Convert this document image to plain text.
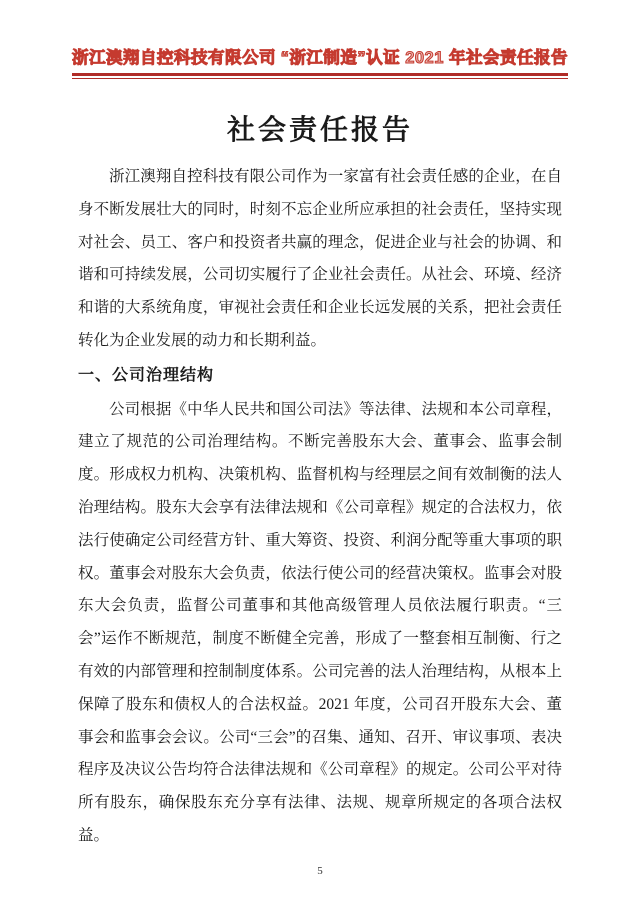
浙江澳翔自控科技有限公司 “浙江制造”认证 2021 年社会责任报告
社会责任报告

浙江澳翔自控科技有限公司作为一家富有社会责任感的企业，在自身不断发展壮大的同时，时刻不忘企业所应承担的社会责任，坚持实现对社会、员工、客户和投资者共赢的理念，促进企业与社会的协调、和谐和可持续发展，公司切实履行了企业社会责任。从社会、环境、经济和谐的大系统角度，审视社会责任和企业长远发展的关系，把社会责任转化为企业发展的动力和长期利益。

一、公司治理结构

公司根据《中华人民共和国公司法》等法律、法规和本公司章程，建立了规范的公司治理结构。不断完善股东大会、董事会、监事会制度。形成权力机构、决策机构、监督机构与经理层之间有效制衡的法人治理结构。股东大会享有法律法规和《公司章程》规定的合法权力，依法行使确定公司经营方针、重大筹资、投资、利润分配等重大事项的职权。董事会对股东大会负责，依法行使公司的经营决策权。监事会对股东大会负责，监督公司董事和其他高级管理人员依法履行职责。“三会”运作不断规范，制度不断健全完善，形成了一整套相互制衡、行之有效的内部管理和控制制度体系。公司完善的法人治理结构，从根本上保障了股东和债权人的合法权益。2021 年度，公司召开股东大会、董事会和监事会会议。公司“三会”的召集、通知、召开、审议事项、表决程序及决议公告均符合法律法规和《公司章程》的规定。公司公平对待所有股东，确保股东充分享有法律、法规、规章所规定的各项合法权益。

5
